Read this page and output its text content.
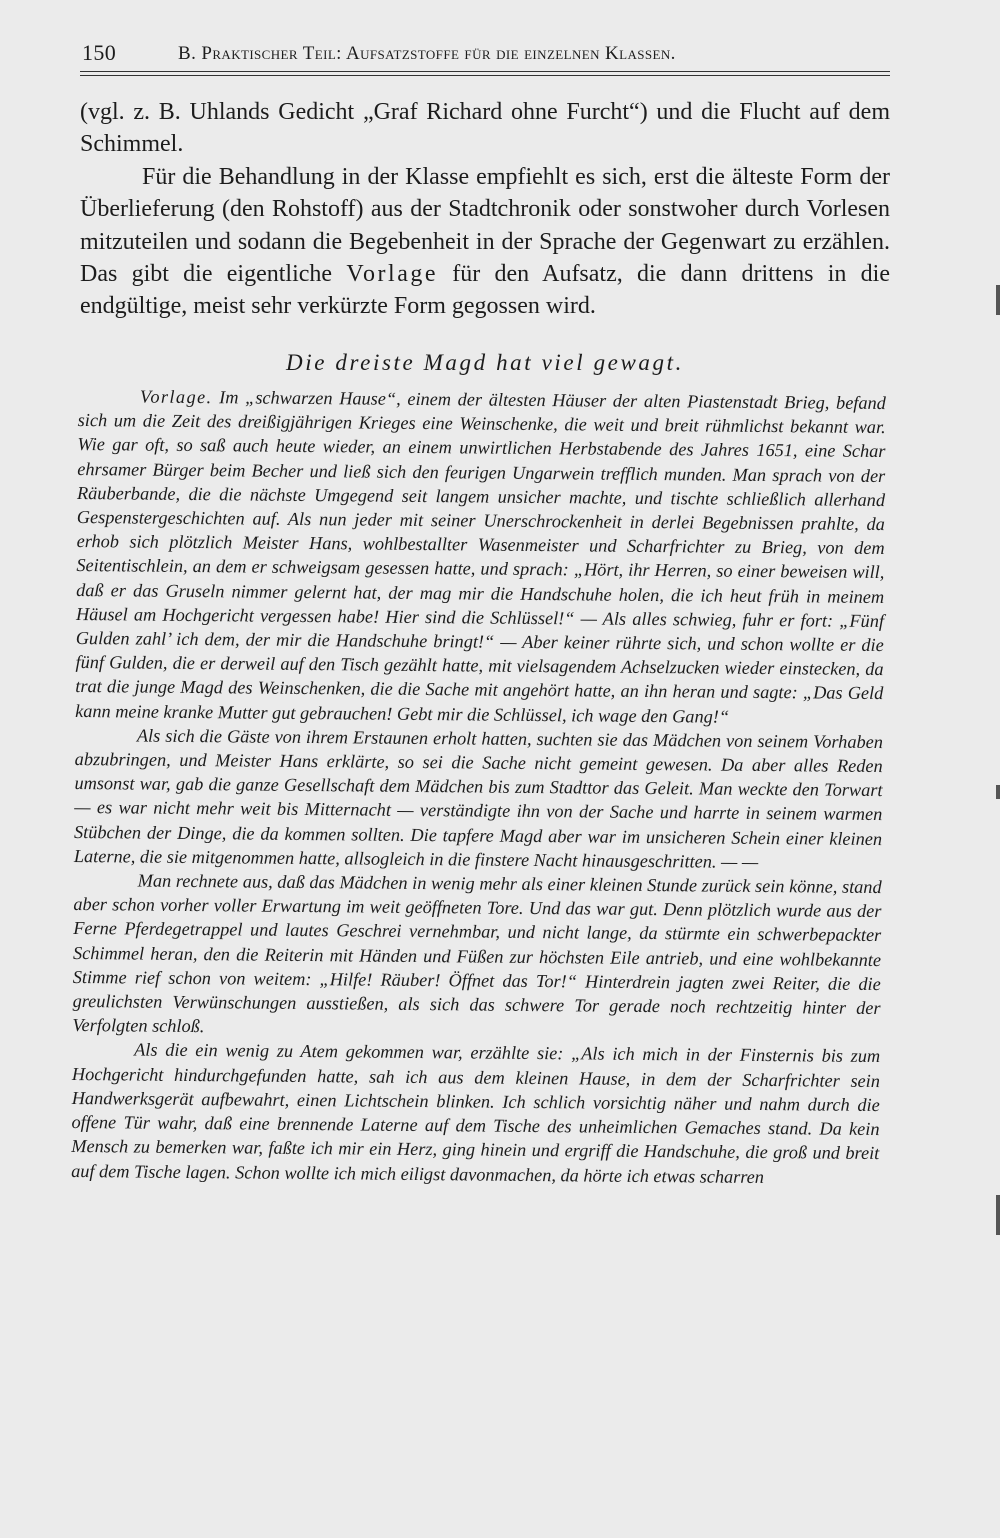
150	B. Praktischer Teil: Aufsatzstoffe für die einzelnen Klassen.

(vgl. z. B. Uhlands Gedicht „Graf Richard ohne Furcht“) und die Flucht auf dem Schimmel.

Für die Behandlung in der Klasse empfiehlt es sich, erst die älteste Form der Überlieferung (den Rohstoff) aus der Stadtchronik oder sonstwoher durch Vorlesen mitzuteilen und sodann die Begebenheit in der Sprache der Gegenwart zu erzählen. Das gibt die eigentliche Vorlage für den Aufsatz, die dann drittens in die endgültige, meist sehr verkürzte Form gegossen wird.

Die dreiste Magd hat viel gewagt.

Vorlage. Im „schwarzen Hause“, einem der ältesten Häuser der alten Piastenstadt Brieg, befand sich um die Zeit des dreißigjährigen Krieges eine Weinschenke, die weit und breit rühmlichst bekannt war. Wie gar oft, so saß auch heute wieder, an einem unwirtlichen Herbstabende des Jahres 1651, eine Schar ehrsamer Bürger beim Becher und ließ sich den feurigen Ungarwein trefflich munden. Man sprach von der Räuberbande, die die nächste Umgegend seit langem unsicher machte, und tischte schließlich allerhand Gespenstergeschichten auf. Als nun jeder mit seiner Unerschrockenheit in derlei Begebnissen prahlte, da erhob sich plötzlich Meister Hans, wohlbestallter Wasenmeister und Scharfrichter zu Brieg, von dem Seitentischlein, an dem er schweigsam gesessen hatte, und sprach: „Hört, ihr Herren, so einer beweisen will, daß er das Gruseln nimmer gelernt hat, der mag mir die Handschuhe holen, die ich heut früh in meinem Häusel am Hochgericht vergessen habe! Hier sind die Schlüssel!“ — Als alles schwieg, fuhr er fort: „Fünf Gulden zahl’ ich dem, der mir die Handschuhe bringt!“ — Aber keiner rührte sich, und schon wollte er die fünf Gulden, die er derweil auf den Tisch gezählt hatte, mit vielsagendem Achselzucken wieder einstecken, da trat die junge Magd des Weinschenken, die die Sache mit angehört hatte, an ihn heran und sagte: „Das Geld kann meine kranke Mutter gut gebrauchen! Gebt mir die Schlüssel, ich wage den Gang!“

Als sich die Gäste von ihrem Erstaunen erholt hatten, suchten sie das Mädchen von seinem Vorhaben abzubringen, und Meister Hans erklärte, so sei die Sache nicht gemeint gewesen. Da aber alles Reden umsonst war, gab die ganze Gesellschaft dem Mädchen bis zum Stadttor das Geleit. Man weckte den Torwart — es war nicht mehr weit bis Mitternacht — verständigte ihn von der Sache und harrte in seinem warmen Stübchen der Dinge, die da kommen sollten. Die tapfere Magd aber war im unsicheren Schein einer kleinen Laterne, die sie mitgenommen hatte, allsogleich in die finstere Nacht hinausgeschritten. — —

Man rechnete aus, daß das Mädchen in wenig mehr als einer kleinen Stunde zurück sein könne, stand aber schon vorher voller Erwartung im weit geöffneten Tore. Und das war gut. Denn plötzlich wurde aus der Ferne Pferdegetrappel und lautes Geschrei vernehmbar, und nicht lange, da stürmte ein schwerbepackter Schimmel heran, den die Reiterin mit Händen und Füßen zur höchsten Eile antrieb, und eine wohlbekannte Stimme rief schon von weitem: „Hilfe! Räuber! Öffnet das Tor!“ Hinterdrein jagten zwei Reiter, die die greulichsten Verwünschungen ausstießen, als sich das schwere Tor gerade noch rechtzeitig hinter der Verfolgten schloß.

Als die ein wenig zu Atem gekommen war, erzählte sie: „Als ich mich in der Finsternis bis zum Hochgericht hindurchgefunden hatte, sah ich aus dem kleinen Hause, in dem der Scharfrichter sein Handwerksgerät aufbewahrt, einen Lichtschein blinken. Ich schlich vorsichtig näher und nahm durch die offene Tür wahr, daß eine brennende Laterne auf dem Tische des unheimlichen Gemaches stand. Da kein Mensch zu bemerken war, faßte ich mir ein Herz, ging hinein und ergriff die Handschuhe, die groß und breit auf dem Tische lagen. Schon wollte ich mich eiligst davonmachen, da hörte ich etwas scharren
